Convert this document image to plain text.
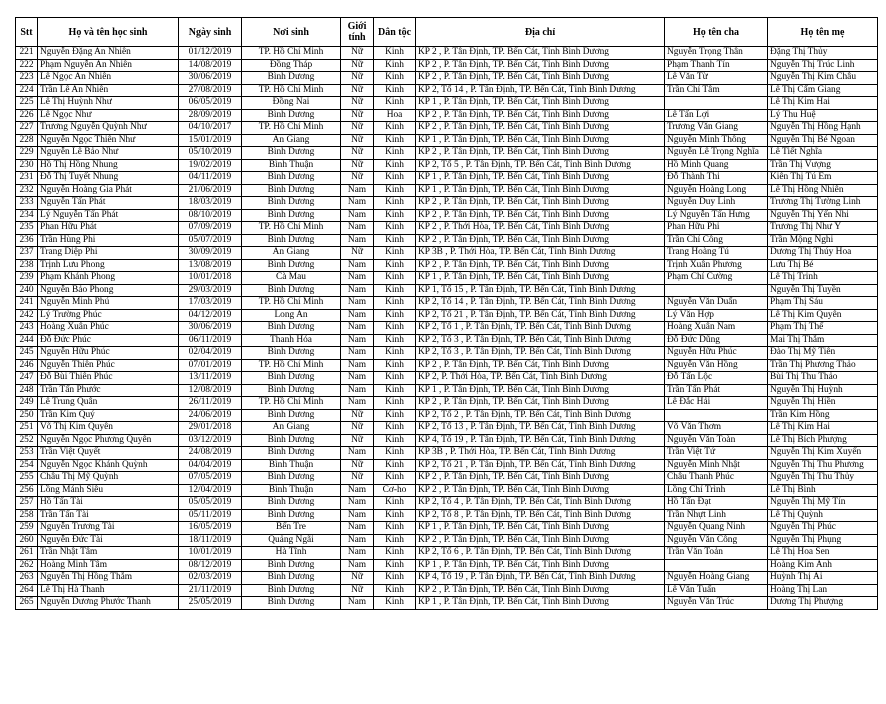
Stt	Họ và tên học sinh	Ngày sinh	Nơi sinh	Giới tính	Dân tộc	Địa chỉ	Họ tên cha	Họ tên mẹ
221	Nguyễn Đặng An Nhiên	01/12/2019	TP. Hồ Chí Minh	Nữ	Kinh	KP 2 , P. Tân Định, TP. Bến Cát, Tỉnh Bình Dương	Nguyễn Trọng Thân	Đặng Thị Thủy
222	Phạm Nguyễn An Nhiên	14/08/2019	Đồng Tháp	Nữ	Kinh	KP 2 , P. Tân Định, TP. Bến Cát, Tỉnh Bình Dương	Phạm Thanh Tín	Nguyễn Thị Trúc Linh
223	Lê Ngọc An Nhiên	30/06/2019	Bình Dương	Nữ	Kinh	KP 2 , P. Tân Định, TP. Bến Cát, Tỉnh Bình Dương	Lê Văn Từ	Nguyễn Thị Kim Châu
224	Trần Lê An Nhiên	27/08/2019	TP. Hồ Chí Minh	Nữ	Kinh	KP 2, Tổ 14 , P. Tân Định, TP. Bến Cát, Tỉnh Bình Dương	Trần Chí Tâm	Lê Thị Cẩm Giang
225	Lê Thị Huỳnh Như	06/05/2019	Đồng Nai	Nữ	Kinh	KP 1 , P. Tân Định, TP. Bến Cát, Tỉnh Bình Dương		Lê Thị Kim Hai
226	Lê Ngọc Như	28/09/2019	Bình Dương	Nữ	Hoa	KP 2 , P. Tân Định, TP. Bến Cát, Tỉnh Bình Dương	Lê Tấn Lợi	Lý Thu Huệ
227	Trương Nguyễn Quỳnh Như	04/10/2017	TP. Hồ Chí Minh	Nữ	Kinh	KP 2 , P. Tân Định, TP. Bến Cát, Tỉnh Bình Dương	Trương Văn Giang	Nguyễn Thị Hồng Hạnh
228	Nguyễn Ngọc Thiên Như	15/01/2019	An Giang	Nữ	Kinh	KP 1 , P. Tân Định, TP. Bến Cát, Tỉnh Bình Dương	Nguyễn Minh Thông	Nguyễn Thị Bé Ngoan
229	Nguyễn Lê Bảo Như	05/10/2019	Bình Dương	Nữ	Kinh	KP 2 , P. Tân Định, TP. Bến Cát, Tỉnh Bình Dương	Nguyễn Lê Trọng Nghĩa	Lê Tiết Nghĩa
230	Hồ Thị Hồng Nhung	19/02/2019	Bình Thuận	Nữ	Kinh	KP 2, Tổ 5 , P. Tân Định, TP. Bến Cát, Tỉnh Bình Dương	Hồ Minh Quang	Trần Thị Vượng
231	Đỗ Thị Tuyết Nhung	04/11/2019	Bình Dương	Nữ	Kinh	KP 1 , P. Tân Định, TP. Bến Cát, Tỉnh Bình Dương	Đỗ Thành Thi	Kiên Thị Tú Em
232	Nguyễn Hoàng Gia Phát	21/06/2019	Bình Dương	Nam	Kinh	KP 1 , P. Tân Định, TP. Bến Cát, Tỉnh Bình Dương	Nguyễn Hoàng Long	Lê Thị Hồng Nhiên
233	Nguyễn Tấn Phát	18/03/2019	Bình Dương	Nam	Kinh	KP 2 , P. Tân Định, TP. Bến Cát, Tỉnh Bình Dương	Nguyễn Duy Linh	Trương Thị Tường Linh
234	Lý Nguyễn Tấn Phát	08/10/2019	Bình Dương	Nam	Kinh	KP 2 , P. Tân Định, TP. Bến Cát, Tỉnh Bình Dương	Lý Nguyễn Tấn Hưng	Nguyễn Thị Yến Nhi
235	Phan Hữu Phát	07/09/2019	TP. Hồ Chí Minh	Nam	Kinh	KP 2 , P. Thới Hòa, TP. Bến Cát, Tỉnh Bình Dương	Phan Hữu Phi	Trương Thị Như Ý
236	Trần Hùng Phi	05/07/2019	Bình Dương	Nam	Kinh	KP 2 , P. Tân Định, TP. Bến Cát, Tỉnh Bình Dương	Trần Chí Công	Trần Mộng Nghi
237	Trang Diệp Phi	30/09/2019	An Giang	Nữ	Kinh	KP 3B , P. Thới Hòa, TP. Bến Cát, Tỉnh Bình Dương	Trang Hoàng Tú	Dương Thị Thúy Hoa
238	Trịnh Lưu Phong	13/08/2019	Bình Dương	Nam	Kinh	KP 2 , P. Tân Định, TP. Bến Cát, Tỉnh Bình Dương	Trịnh Xuân Phương	Lưu Thị Bé
239	Phạm Khánh Phong	10/01/2018	Cà Mau	Nam	Kinh	KP 1 , P. Tân Định, TP. Bến Cát, Tỉnh Bình Dương	Phạm Chí Cường	Lê Thị Trinh
240	Nguyễn Bảo Phong	29/03/2019	Bình Dương	Nam	Kinh	KP 1, Tổ 15 , P. Tân Định, TP. Bến Cát, Tỉnh Bình Dương		Nguyễn Thị Tuyền
241	Nguyễn Minh Phú	17/03/2019	TP. Hồ Chí Minh	Nam	Kinh	KP 2, Tổ 14 , P. Tân Định, TP. Bến Cát, Tỉnh Bình Dương	Nguyễn Văn Duẩn	Phạm Thị Sáu
242	Lý Trường Phúc	04/12/2019	Long An	Nam	Kinh	KP 2, Tổ 21 , P. Tân Định, TP. Bến Cát, Tỉnh Bình Dương	Lý Văn Hợp	Lê Thị Kim Quyên
243	Hoàng Xuân Phúc	30/06/2019	Bình Dương	Nam	Kinh	KP 2, Tổ 1 , P. Tân Định, TP. Bến Cát, Tỉnh Bình Dương	Hoàng Xuân Nam	Phạm Thị Thế
244	Đỗ Đức Phúc	06/11/2019	Thanh Hóa	Nam	Kinh	KP 2, Tổ 3 , P. Tân Định, TP. Bến Cát, Tỉnh Bình Dương	Đỗ Đức Dũng	Mai Thị Thắm
245	Nguyễn Hữu Phúc	02/04/2019	Bình Dương	Nam	Kinh	KP 2, Tổ 3 , P. Tân Định, TP. Bến Cát, Tỉnh Bình Dương	Nguyễn Hữu Phúc	Đào Thị Mỹ Tiên
246	Nguyễn Thiên Phúc	07/01/2019	TP. Hồ Chí Minh	Nam	Kinh	KP 2 , P. Tân Định, TP. Bến Cát, Tỉnh Bình Dương	Nguyễn Văn Hồng	Trần Thị Phương Thảo
247	Đỗ Bùi Thiên Phúc	13/11/2019	Bình Dương	Nam	Kinh	KP 2, P. Thới Hòa, TP. Bến Cát, Tỉnh Bình Dương	Đỗ Tấn Lộc	Bùi Thị Thu Thảo
248	Trần Tấn Phước	12/08/2019	Bình Dương	Nam	Kinh	KP 1 , P. Tân Định, TP. Bến Cát, Tỉnh Bình Dương	Trần Tấn Phát	Nguyễn Thị Huỳnh
249	Lê Trung Quân	26/11/2019	TP. Hồ Chí Minh	Nam	Kinh	KP 2 , P. Tân Định, TP. Bến Cát, Tỉnh Bình Dương	Lê Đắc Hải	Nguyễn Thị Hiền
250	Trần Kim Quý	24/06/2019	Bình Dương	Nữ	Kinh	KP 2, Tổ 2 , P. Tân Định, TP. Bến Cát, Tỉnh Bình Dương		Trần Kim Hồng
251	Võ Thị Kim Quyên	29/01/2018	An Giang	Nữ	Kinh	KP 2, Tổ 13 , P. Tân Định, TP. Bến Cát, Tỉnh Bình Dương	Võ Văn Thơm	Lê Thị Kim Hai
252	Nguyễn Ngọc Phương Quyên	03/12/2019	Bình Dương	Nữ	Kinh	KP 4, Tổ 19 , P. Tân Định, TP. Bến Cát, Tỉnh Bình Dương	Nguyễn Văn Toàn	Lê Thị Bích Phượng
253	Trần Việt Quyết	24/08/2019	Bình Dương	Nam	Kinh	KP 3B , P. Thới Hòa, TP. Bến Cát, Tỉnh Bình Dương	Trần Việt Tứ	Nguyễn Thị Kim Xuyến
254	Nguyễn Ngọc Khánh Quỳnh	04/04/2019	Bình Thuận	Nữ	Kinh	KP 2, Tổ 21 , P. Tân Định, TP. Bến Cát, Tỉnh Bình Dương	Nguyễn Minh Nhật	Nguyễn Thị Thu Phương
255	Châu Thị Mỹ Quỳnh	07/05/2019	Bình Dương	Nữ	Kinh	KP 2 , P. Tân Định, TP. Bến Cát, Tỉnh Bình Dương	Châu Thanh Phúc	Nguyễn Thị Thu Thủy
256	Lồng Mánh Siêu	12/04/2019	Bình Thuận	Nam	Cơ-ho	KP 2 , P. Tân Định, TP. Bến Cát, Tỉnh Bình Dương	Lồng Chí Trình	Lê Thị Bình
257	Hồ Tấn Tài	05/05/2019	Bình Dương	Nam	Kinh	KP 2, Tổ 4 , P. Tân Định, TP. Bến Cát, Tỉnh Bình Dương	Hồ Tấn Đạt	Nguyễn Thị Mỹ Tín
258	Trần Tấn Tài	05/11/2019	Bình Dương	Nam	Kinh	KP 2, Tổ 8 , P. Tân Định, TP. Bến Cát, Tỉnh Bình Dương	Trần Nhựt Linh	Lê Thị Quỳnh
259	Nguyễn Trương Tài	16/05/2019	Bến Tre	Nam	Kinh	KP 1 , P. Tân Định, TP. Bến Cát, Tỉnh Bình Dương	Nguyễn Quang Ninh	Nguyễn Thị Phúc
260	Nguyễn Đức Tài	18/11/2019	Quảng Ngãi	Nam	Kinh	KP 2 , P. Tân Định, TP. Bến Cát, Tỉnh Bình Dương	Nguyễn Văn Công	Nguyễn Thị Phụng
261	Trần Nhật Tâm	10/01/2019	Hà Tĩnh	Nam	Kinh	KP 2, Tổ 6 , P. Tân Định, TP. Bến Cát, Tỉnh Bình Dương	Trần Văn Toản	Lê Thị Hoa Sen
262	Hoàng Minh Tâm	08/12/2019	Bình Dương	Nam	Kinh	KP 1 , P. Tân Định, TP. Bến Cát, Tỉnh Bình Dương		Hoàng Kim Anh
263	Nguyễn Thị Hồng Thắm	02/03/2019	Bình Dương	Nữ	Kinh	KP 4, Tổ 19 , P. Tân Định, TP. Bến Cát, Tỉnh Bình Dương	Nguyễn Hoàng Giang	Huỳnh Thị Ái
264	Lê Thị Hà Thanh	21/11/2019	Bình Dương	Nữ	Kinh	KP 2 , P. Tân Định, TP. Bến Cát, Tỉnh Bình Dương	Lê Văn Tuấn	Hoàng Thị Lan
265	Nguyễn Dương Phước Thanh	25/05/2019	Bình Dương	Nam	Kinh	KP 1 , P. Tân Định, TP. Bến Cát, Tỉnh Bình Dương	Nguyễn Văn Trúc	Dương Thị Phượng
